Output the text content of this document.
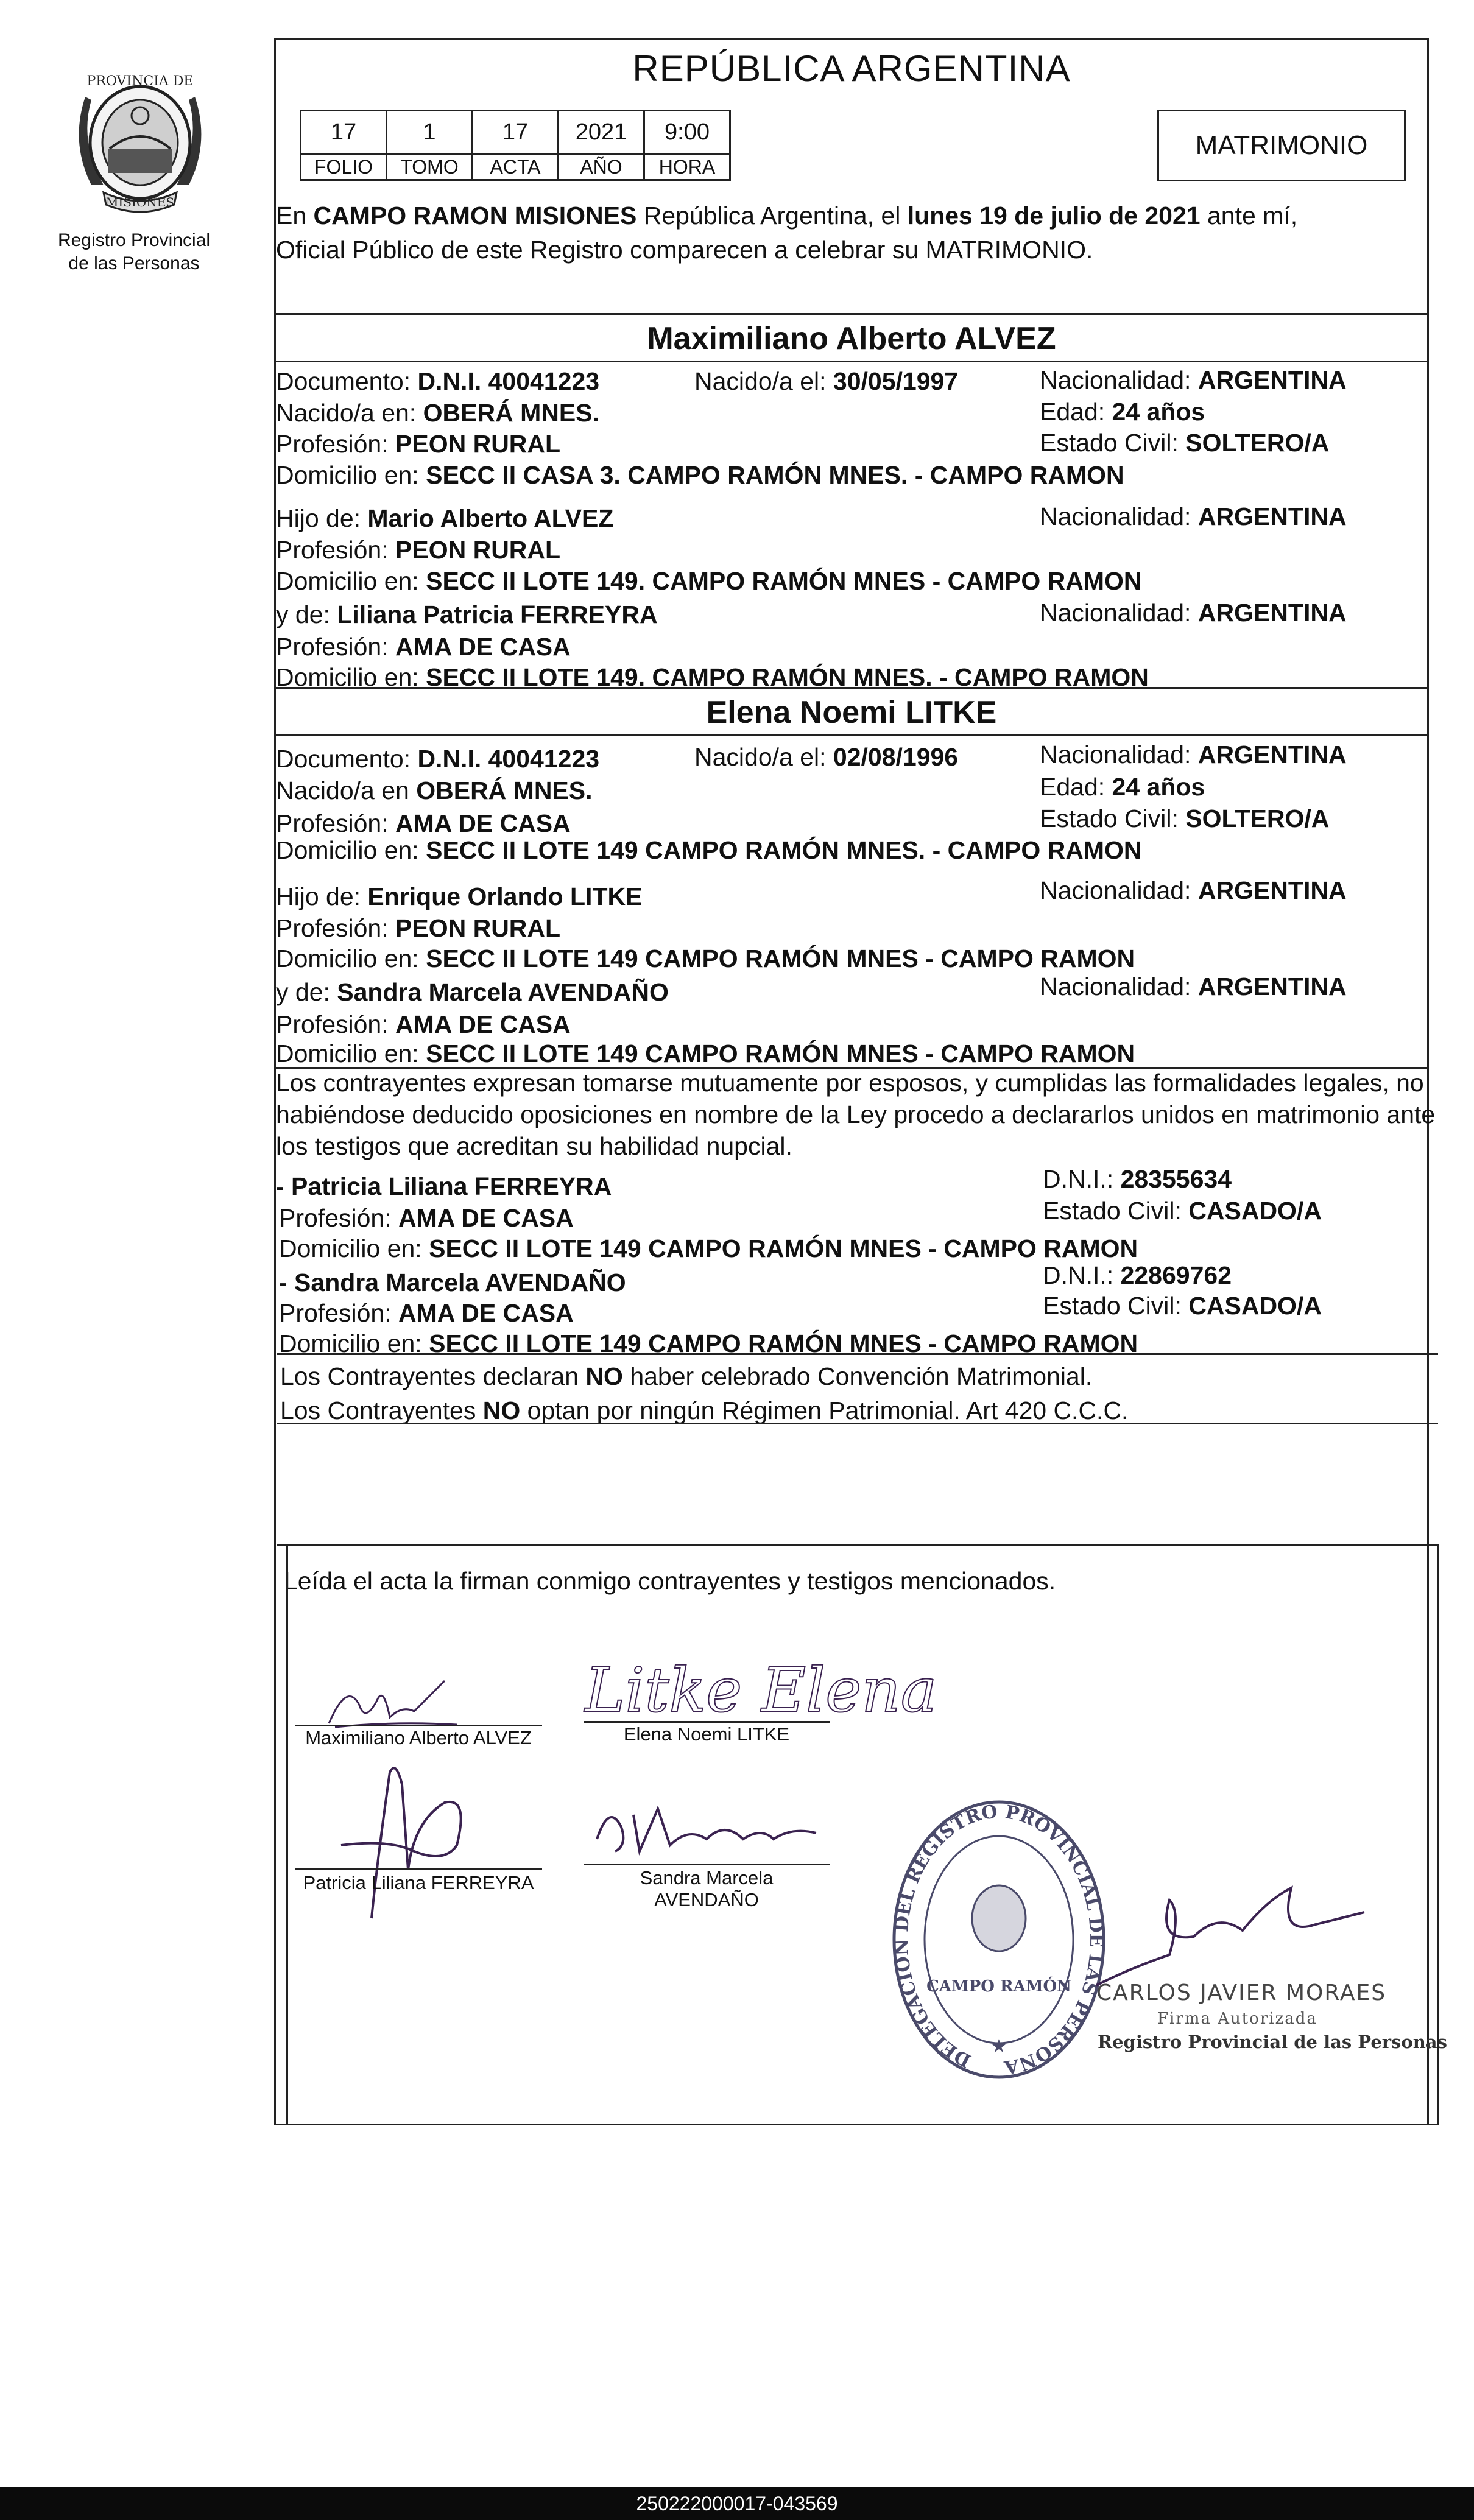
PROVINCIA DE
MISIONES
Registro Provincial
de las Personas
REPÚBLICA ARGENTINA
17	1	17	2021	9:00
FOLIO	TOMO	ACTA	AÑO	HORA
MATRIMONIO
En CAMPO RAMON MISIONES República Argentina, el lunes 19 de julio de 2021 ante mí,
Oficial Público de este Registro comparecen a celebrar su MATRIMONIO.
Maximiliano Alberto ALVEZ
Documento: D.N.I. 40041223	Nacido/a el: 30/05/1997	Nacionalidad: ARGENTINA
Nacido/a en: OBERÁ MNES.	Edad: 24 años
Profesión: PEON RURAL	Estado Civil: SOLTERO/A
Domicilio en: SECC II CASA 3. CAMPO RAMÓN MNES. - CAMPO RAMON
Hijo de: Mario Alberto ALVEZ	Nacionalidad: ARGENTINA
Profesión: PEON RURAL
Domicilio en: SECC II LOTE 149. CAMPO RAMÓN MNES - CAMPO RAMON
y de: Liliana Patricia FERREYRA	Nacionalidad: ARGENTINA
Profesión: AMA DE CASA
Domicilio en: SECC II LOTE 149. CAMPO RAMÓN MNES. - CAMPO RAMON
Elena Noemi LITKE
Documento: D.N.I. 40041223	Nacido/a el: 02/08/1996	Nacionalidad: ARGENTINA
Nacido/a en OBERÁ MNES.	Edad: 24 años
Profesión: AMA DE CASA	Estado Civil: SOLTERO/A
Domicilio en: SECC II LOTE 149 CAMPO RAMÓN MNES. - CAMPO RAMON
Hijo de: Enrique Orlando LITKE	Nacionalidad: ARGENTINA
Profesión: PEON RURAL
Domicilio en: SECC II LOTE 149 CAMPO RAMÓN MNES - CAMPO RAMON
y de: Sandra Marcela AVENDAÑO	Nacionalidad: ARGENTINA
Profesión: AMA DE CASA
Domicilio en: SECC II LOTE 149 CAMPO RAMÓN MNES - CAMPO RAMON
Los contrayentes expresan tomarse mutuamente por esposos, y cumplidas las formalidades legales, no
habiéndose deducido oposiciones en nombre de la Ley procedo a declararlos unidos en matrimonio ante
los testigos que acreditan su habilidad nupcial.
- Patricia Liliana FERREYRA	D.N.I.: 28355634
Profesión: AMA DE CASA	Estado Civil: CASADO/A
Domicilio en: SECC II LOTE 149 CAMPO RAMÓN MNES - CAMPO RAMON
- Sandra Marcela AVENDAÑO	D.N.I.: 22869762
Profesión: AMA DE CASA	Estado Civil: CASADO/A
Domicilio en: SECC II LOTE 149 CAMPO RAMÓN MNES - CAMPO RAMON
Los Contrayentes declaran NO haber celebrado Convención Matrimonial.
Los Contrayentes NO optan por ningún Régimen Patrimonial. Art 420 C.C.C.
Leída el acta la firman conmigo contrayentes y testigos mencionados.
Maximiliano Alberto ALVEZ
Litke Elena
Elena Noemi LITKE
Patricia Liliana FERREYRA	Sandra Marcela
AVENDAÑO
DELEGACION DEL REGISTRO PROVINCIAL DE LAS PERSONA
CAMPO RAMÓN
★
CARLOS JAVIER MORAES
Firma Autorizada
Registro Provincial de las Personas
250222000017-043569
